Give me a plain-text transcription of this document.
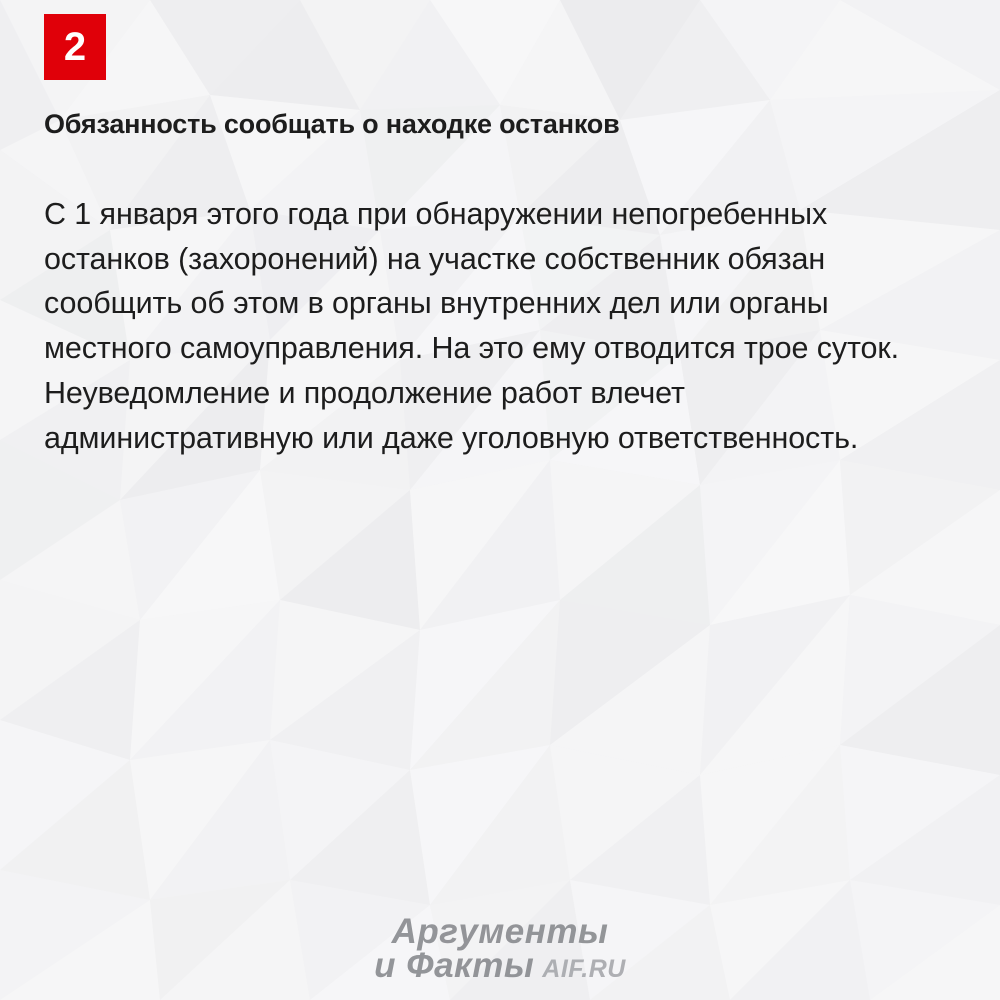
2
Обязанность сообщать о находке останков

С 1 января этого года при обнаружении непогребенных останков (захоронений) на участке собственник обязан сообщить об этом в органы внутренних дел или органы местного самоуправления. На это ему отводится трое суток. Неуведомление и продолжение работ влечет административную или даже уголовную ответственность.

Аргументы
и Факты AIF.RU
